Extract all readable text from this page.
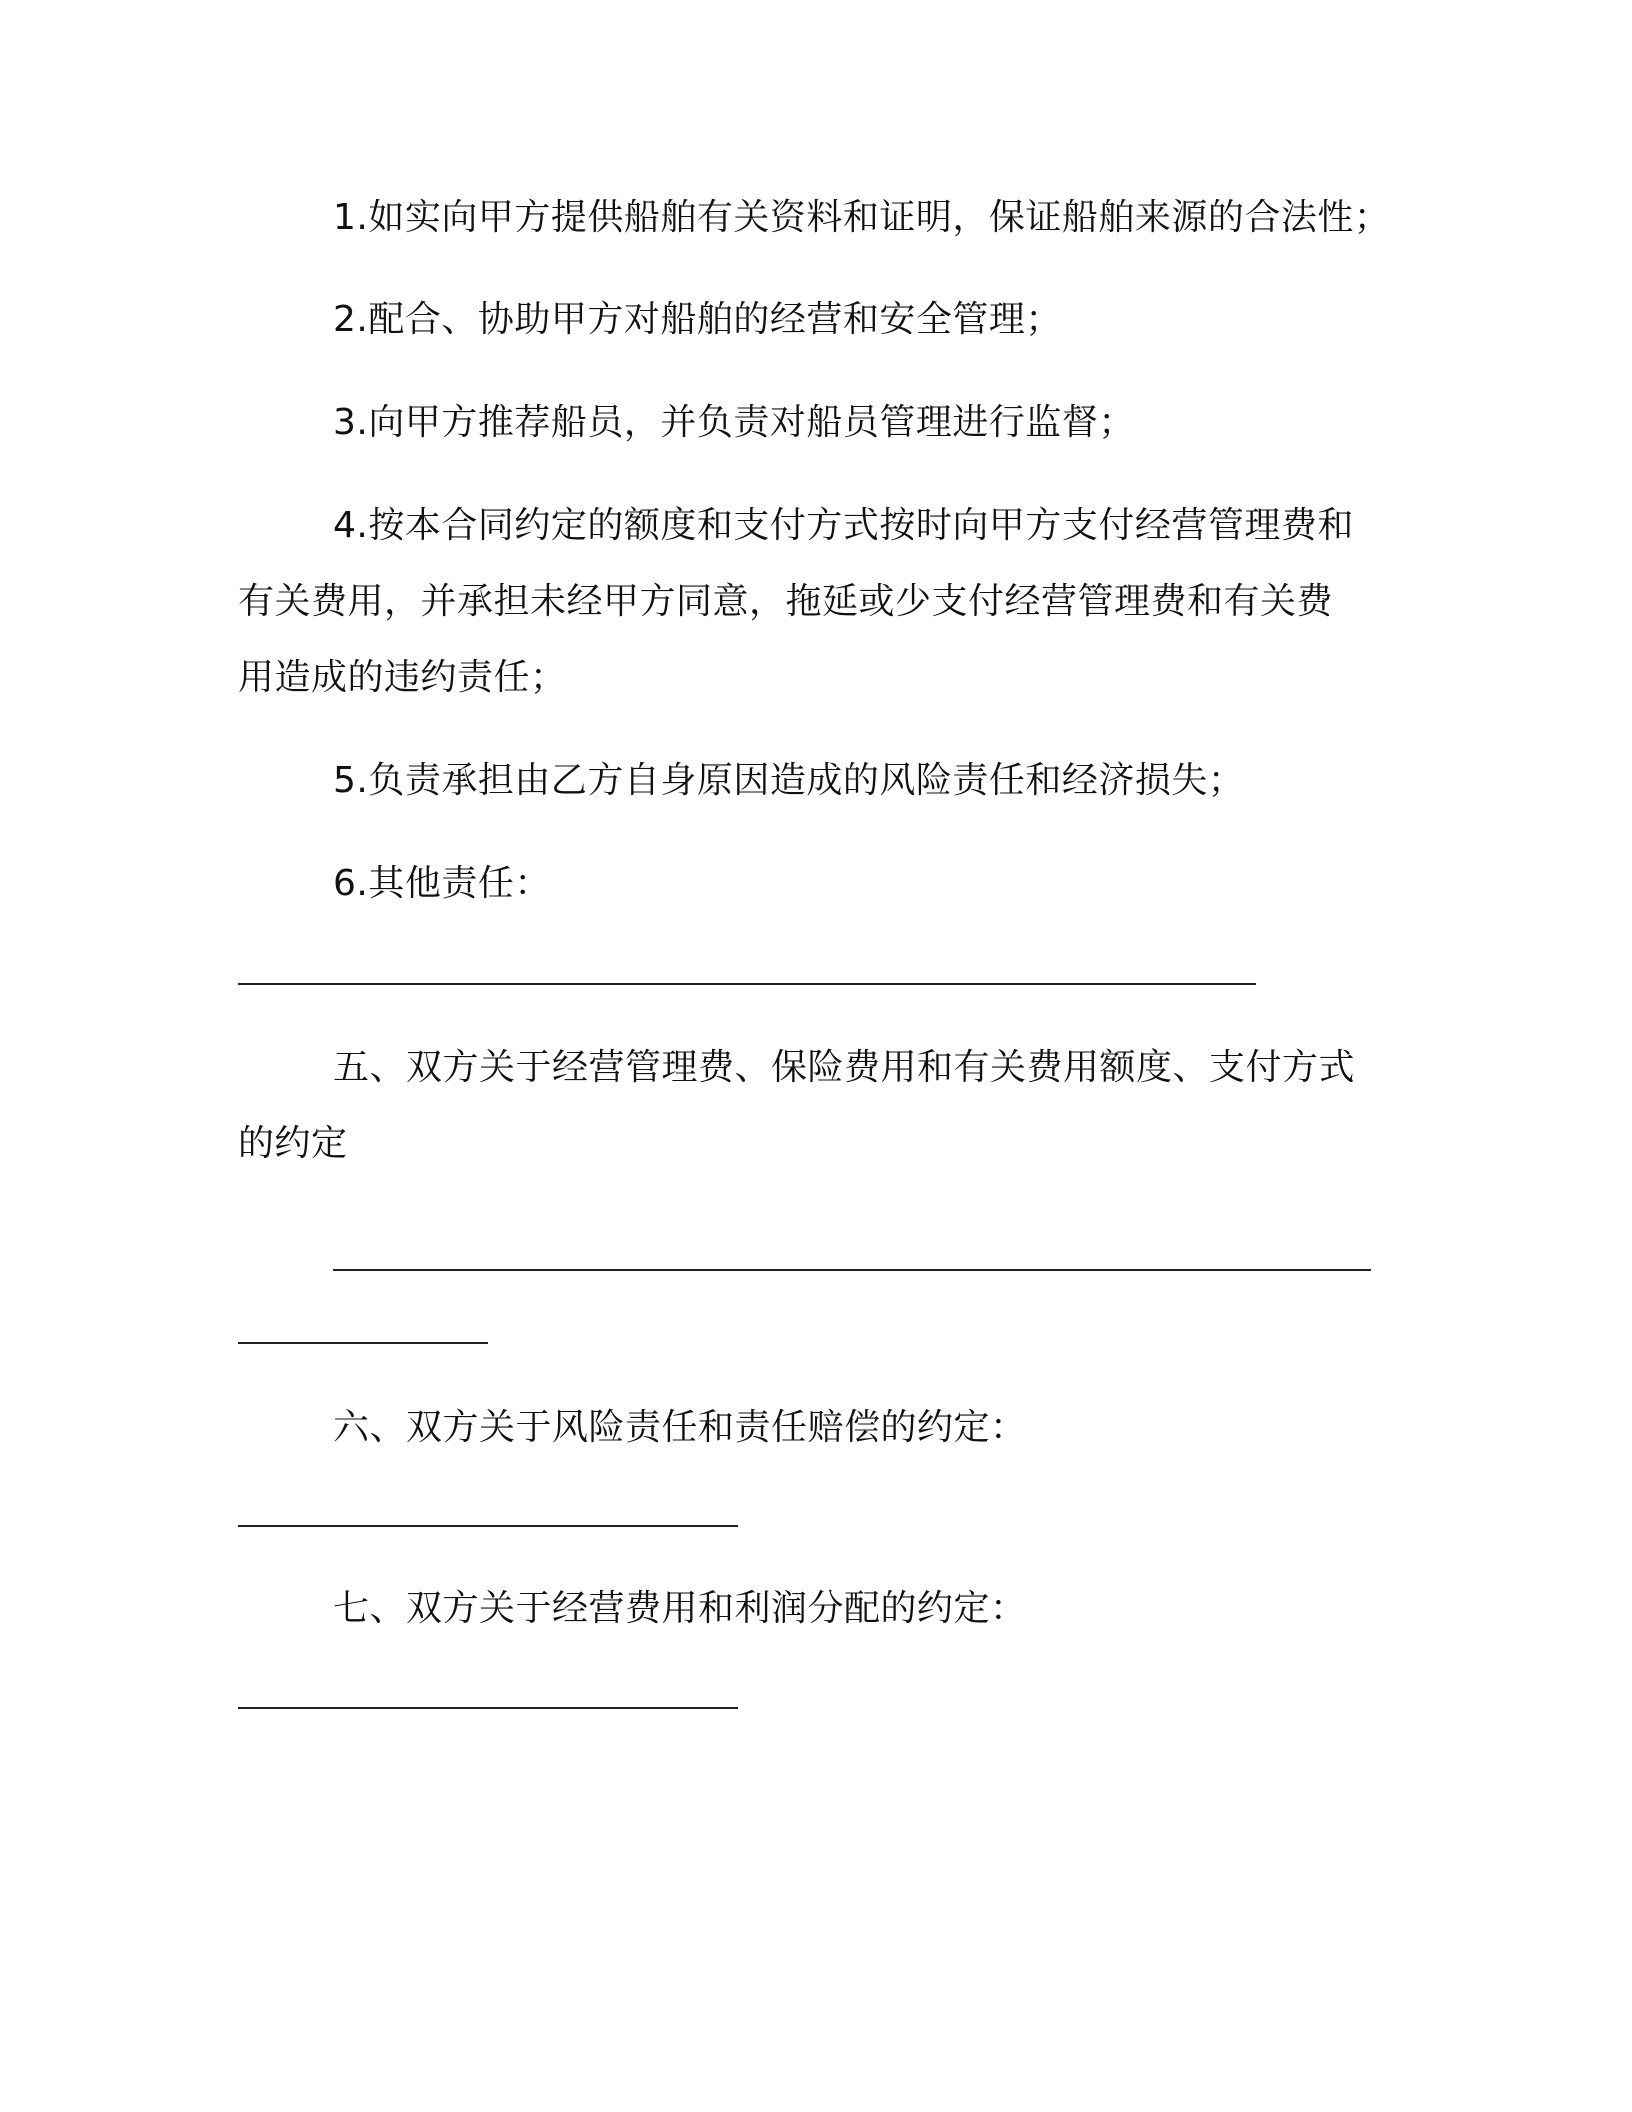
1.如实向甲方提供船舶有关资料和证明，保证船舶来源的合法性；
2.配合、协助甲方对船舶的经营和安全管理；
3.向甲方推荐船员，并负责对船员管理进行监督；
4.按本合同约定的额度和支付方式按时向甲方支付经营管理费和
有关费用，并承担未经甲方同意，拖延或少支付经营管理费和有关费
用造成的违约责任；
5.负责承担由乙方自身原因造成的风险责任和经济损失；
6.其他责任：
五、双方关于经营管理费、保险费用和有关费用额度、支付方式
的约定
六、双方关于风险责任和责任赔偿的约定：
七、双方关于经营费用和利润分配的约定：
